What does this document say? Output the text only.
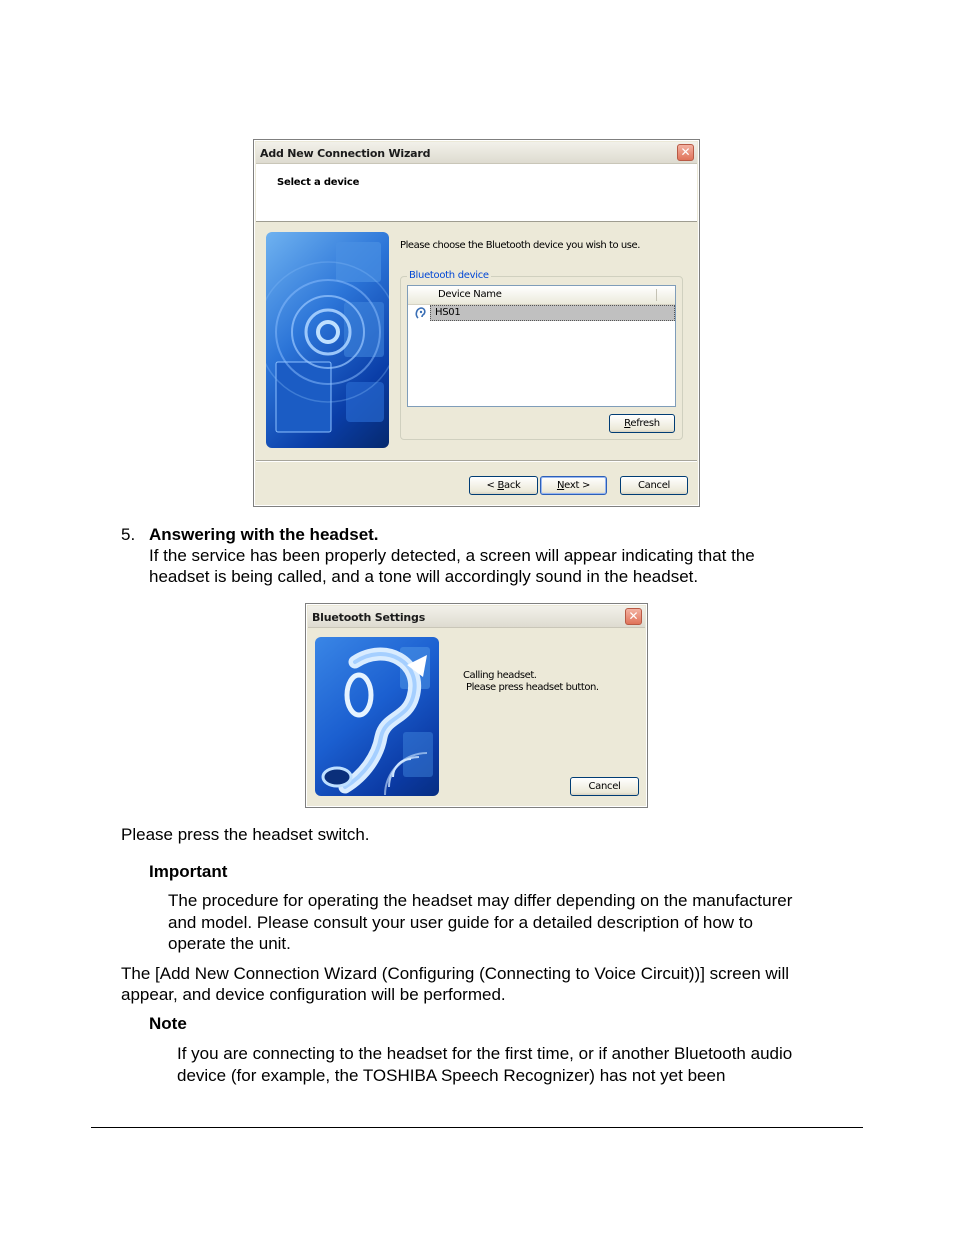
Add New Connection Wizard	✕
Select a device
Please choose the Bluetooth device you wish to use.
Bluetooth device
Device Name
HS01
Refresh
< Back	Next >	Cancel
5. Answering with the headset.
If the service has been properly detected, a screen will appear indicating that the
headset is being called, and a tone will accordingly sound in the headset.
Bluetooth Settings	✕
Calling headset.
Please press headset button.
Cancel
Please press the headset switch.
Important
The procedure for operating the headset may differ depending on the manufacturer
and model. Please consult your user guide for a detailed description of how to
operate the unit.
The [Add New Connection Wizard (Configuring (Connecting to Voice Circuit))] screen will
appear, and device configuration will be performed.
Note
If you are connecting to the headset for the first time, or if another Bluetooth audio
device (for example, the TOSHIBA Speech Recognizer) has not yet been
